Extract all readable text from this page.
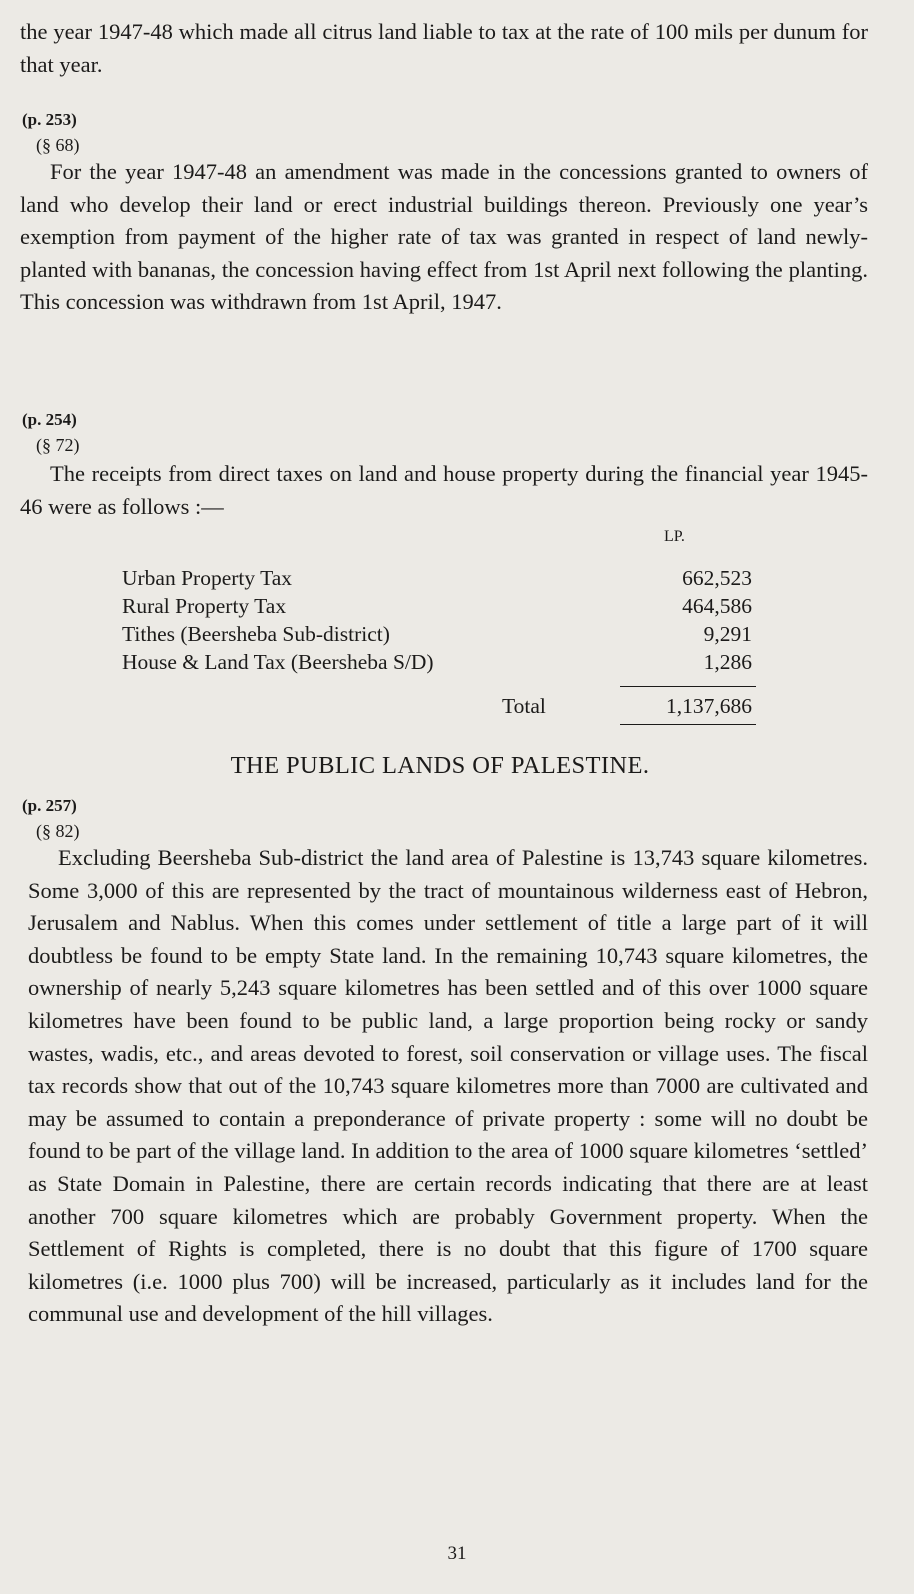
the year 1947-48 which made all citrus land liable to tax at the rate of 100 mils per dunum for that year.

(p. 253)
(§ 68)

For the year 1947-48 an amendment was made in the concessions granted to owners of land who develop their land or erect industrial buildings thereon. Previously one year’s exemption from payment of the higher rate of tax was granted in respect of land newly-planted with bananas, the concession having effect from 1st April next following the planting. This concession was withdrawn from 1st April, 1947.

(p. 254)
(§ 72)

The receipts from direct taxes on land and house property during the financial year 1945-46 were as follows :—

LP.
Urban Property Tax	662,523
Rural Property Tax	464,586
Tithes (Beersheba Sub-district)	9,291
House & Land Tax (Beersheba S/D)	1,286
Total	1,137,686
THE PUBLIC LANDS OF PALESTINE.
(p. 257)
(§ 82)

Excluding Beersheba Sub-district the land area of Palestine is 13,743 square kilometres. Some 3,000 of this are represented by the tract of mountainous wilderness east of Hebron, Jerusalem and Nablus. When this comes under settlement of title a large part of it will doubtless be found to be empty State land. In the remaining 10,743 square kilometres, the ownership of nearly 5,243 square kilometres has been settled and of this over 1000 square kilometres have been found to be public land, a large proportion being rocky or sandy wastes, wadis, etc., and areas devoted to forest, soil conservation or village uses. The fiscal tax records show that out of the 10,743 square kilometres more than 7000 are cultivated and may be assumed to contain a preponderance of private property : some will no doubt be found to be part of the village land. In addition to the area of 1000 square kilometres ‘settled’ as State Domain in Palestine, there are certain records indicating that there are at least another 700 square kilometres which are probably Government property. When the Settlement of Rights is completed, there is no doubt that this figure of 1700 square kilometres (i.e. 1000 plus 700) will be increased, particularly as it includes land for the communal use and development of the hill villages.

31
